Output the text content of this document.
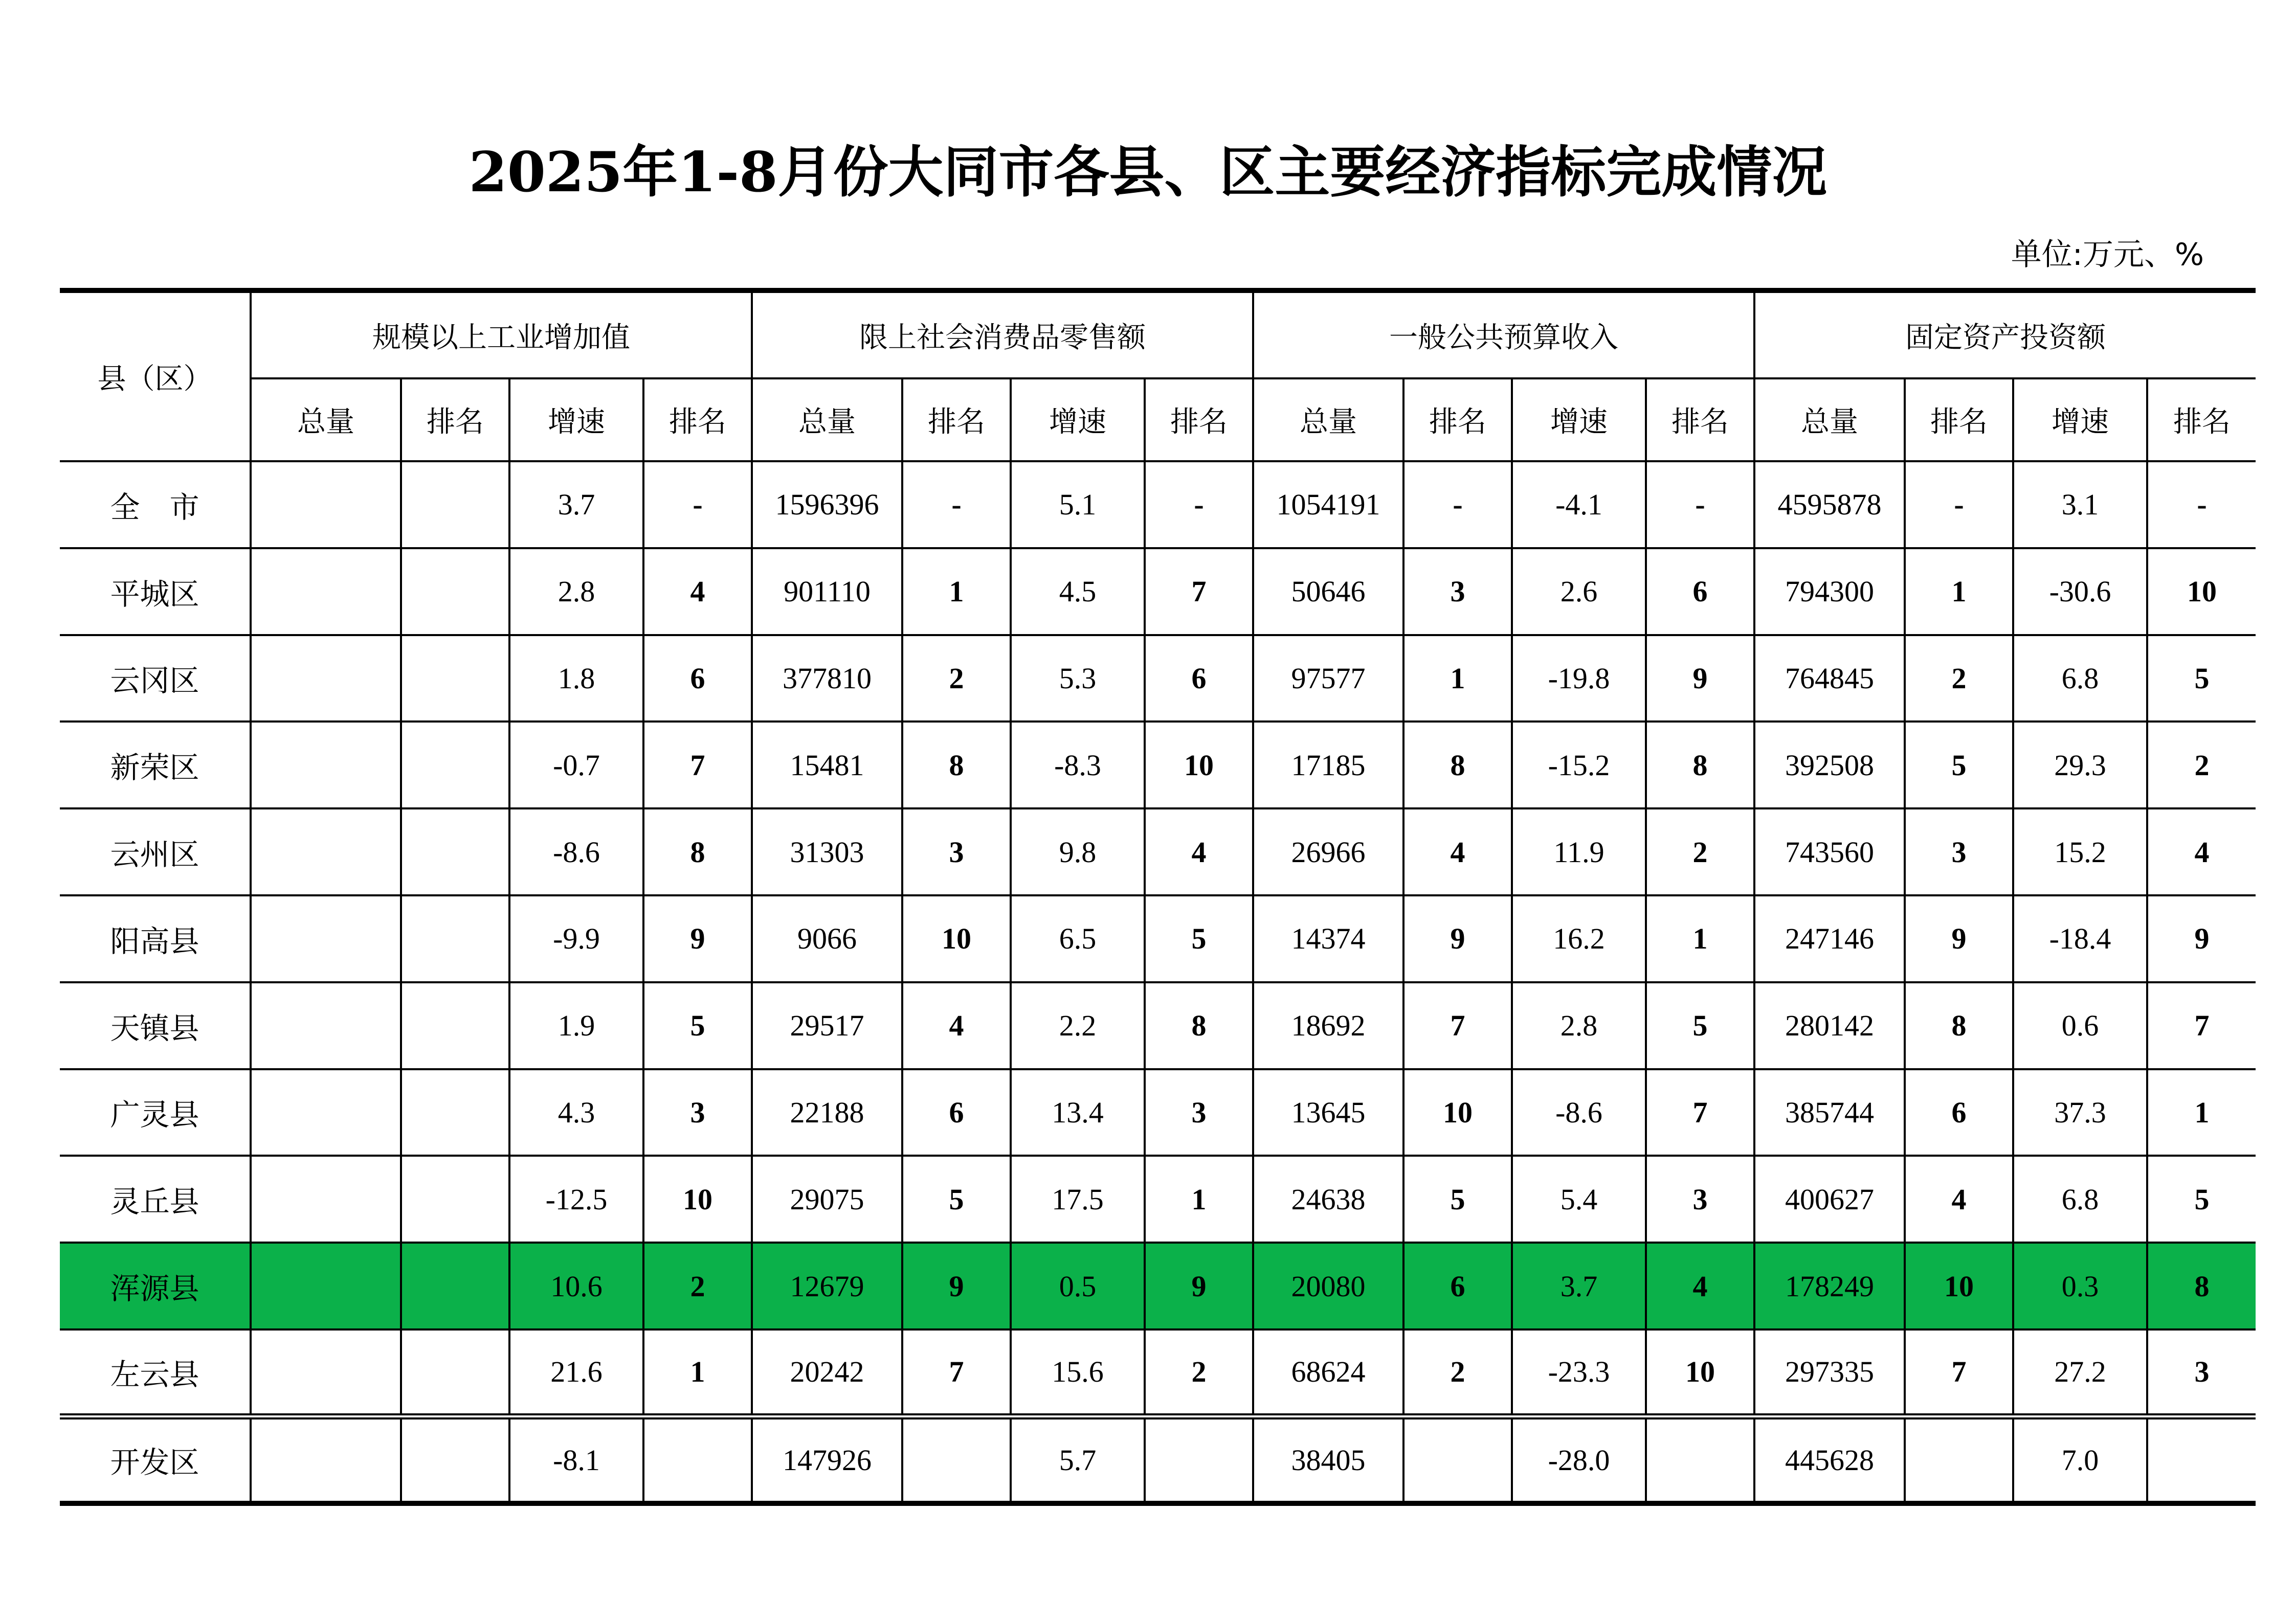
2025年1-8月份大同市各县、区主要经济指标完成情况
单位:万元、%
县（区）	规模以上工业增加值				限上社会消费品零售额				一般公共预算收入				固定资产投资额			
	总量	排名	增速	排名	总量	排名	增速	排名	总量	排名	增速	排名	总量	排名	增速	排名
全　市			3.7	-	1596396	-	5.1	-	1054191	-	-4.1	-	4595878	-	3.1	-
平城区			2.8	4	901110	1	4.5	7	50646	3	2.6	6	794300	1	-30.6	10
云冈区			1.8	6	377810	2	5.3	6	97577	1	-19.8	9	764845	2	6.8	5
新荣区			-0.7	7	15481	8	-8.3	10	17185	8	-15.2	8	392508	5	29.3	2
云州区			-8.6	8	31303	3	9.8	4	26966	4	11.9	2	743560	3	15.2	4
阳高县			-9.9	9	9066	10	6.5	5	14374	9	16.2	1	247146	9	-18.4	9
天镇县			1.9	5	29517	4	2.2	8	18692	7	2.8	5	280142	8	0.6	7
广灵县			4.3	3	22188	6	13.4	3	13645	10	-8.6	7	385744	6	37.3	1
灵丘县			-12.5	10	29075	5	17.5	1	24638	5	5.4	3	400627	4	6.8	5
浑源县			10.6	2	12679	9	0.5	9	20080	6	3.7	4	178249	10	0.3	8
左云县			21.6	1	20242	7	15.6	2	68624	2	-23.3	10	297335	7	27.2	3
开发区			-8.1		147926		5.7		38405		-28.0		445628		7.0	
